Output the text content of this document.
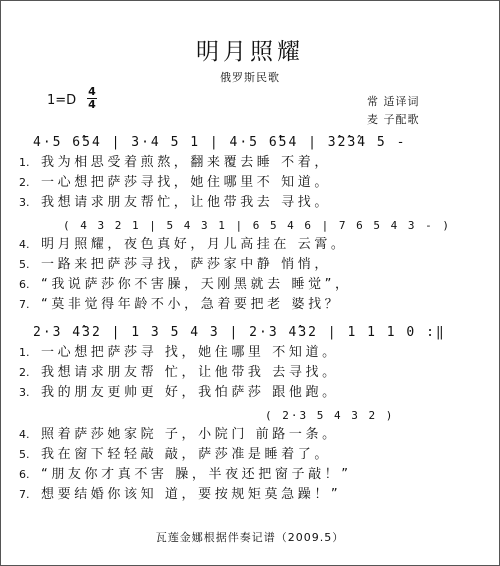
明月照耀
俄罗斯民歌
1=D
4
4	常 适译词
麦 子配歌
4·5 6̂54 | 3·4 5 1 | 4·5 6̂54 | 3̂2̂3̂4 5 -
1. 我为相思受着煎熬，翻来覆去睡 不着，
2. 一心想把萨莎寻找，她住哪里不 知道。
3. 我想请求朋友帮忙，让他带我去 寻找。
( 4 3 2 1 | 5 4 3 1 | 6 5 4 6 | 7 6 5 4 3 - )
4. 明月照耀，夜色真好，月儿高挂在 云霄。
5. 一路来把萨莎寻找，萨莎家中静 悄悄，
6. “我说萨莎你不害臊，天刚黑就去 睡觉”，
7. “莫非觉得年龄不小，急着要把老 婆找？
2·3 4̂32 | 1 3 5 4 3 | 2·3 4̂32 | 1 1 1 0 :‖
1. 一心想把萨莎寻 找，她住哪里 不知道。
2. 我想请求朋友帮 忙，让他带我 去寻找。
3. 我的朋友更帅更 好，我怕萨莎 跟他跑。
( 2·3 5 4 3 2 )
4. 照着萨莎她家院 子，小院门 前路一条。
5. 我在窗下轻轻敲 敲，萨莎准是睡着了。
6. “朋友你才真不害 臊，半夜还把窗子敲！”
7. 想要结婚你该知 道，要按规矩莫急躁！”
瓦莲金娜根据伴奏记谱（2009.5）
